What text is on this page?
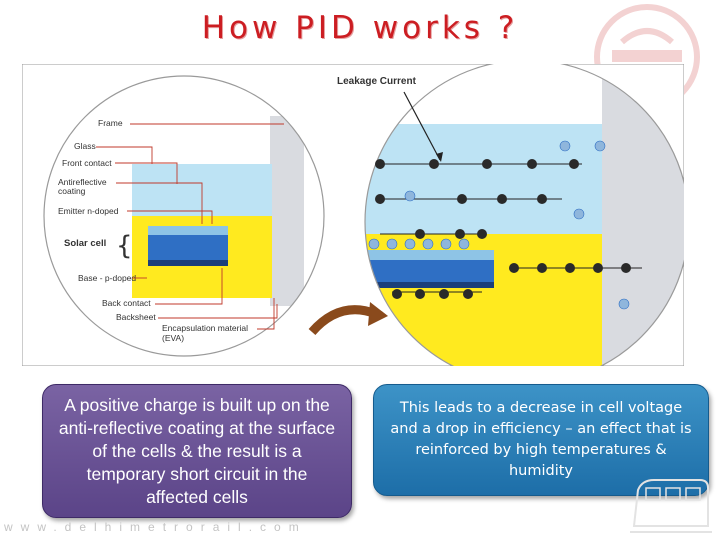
How PID works ?
Frame
Glass
Front contact
Antireflective
coating
Emitter n-doped
Solar cell
Base - p-doped
Back contact
Backsheet
Encapsulation material
(EVA)
{
Leakage Current
A positive charge is built up on the anti-reflective coating at the surface of the cells & the result is a temporary short circuit in the affected cells
This leads to a decrease in cell voltage and a drop in efficiency – an effect that is reinforced by high temperatures & humidity
www.delhimetrorail.com
